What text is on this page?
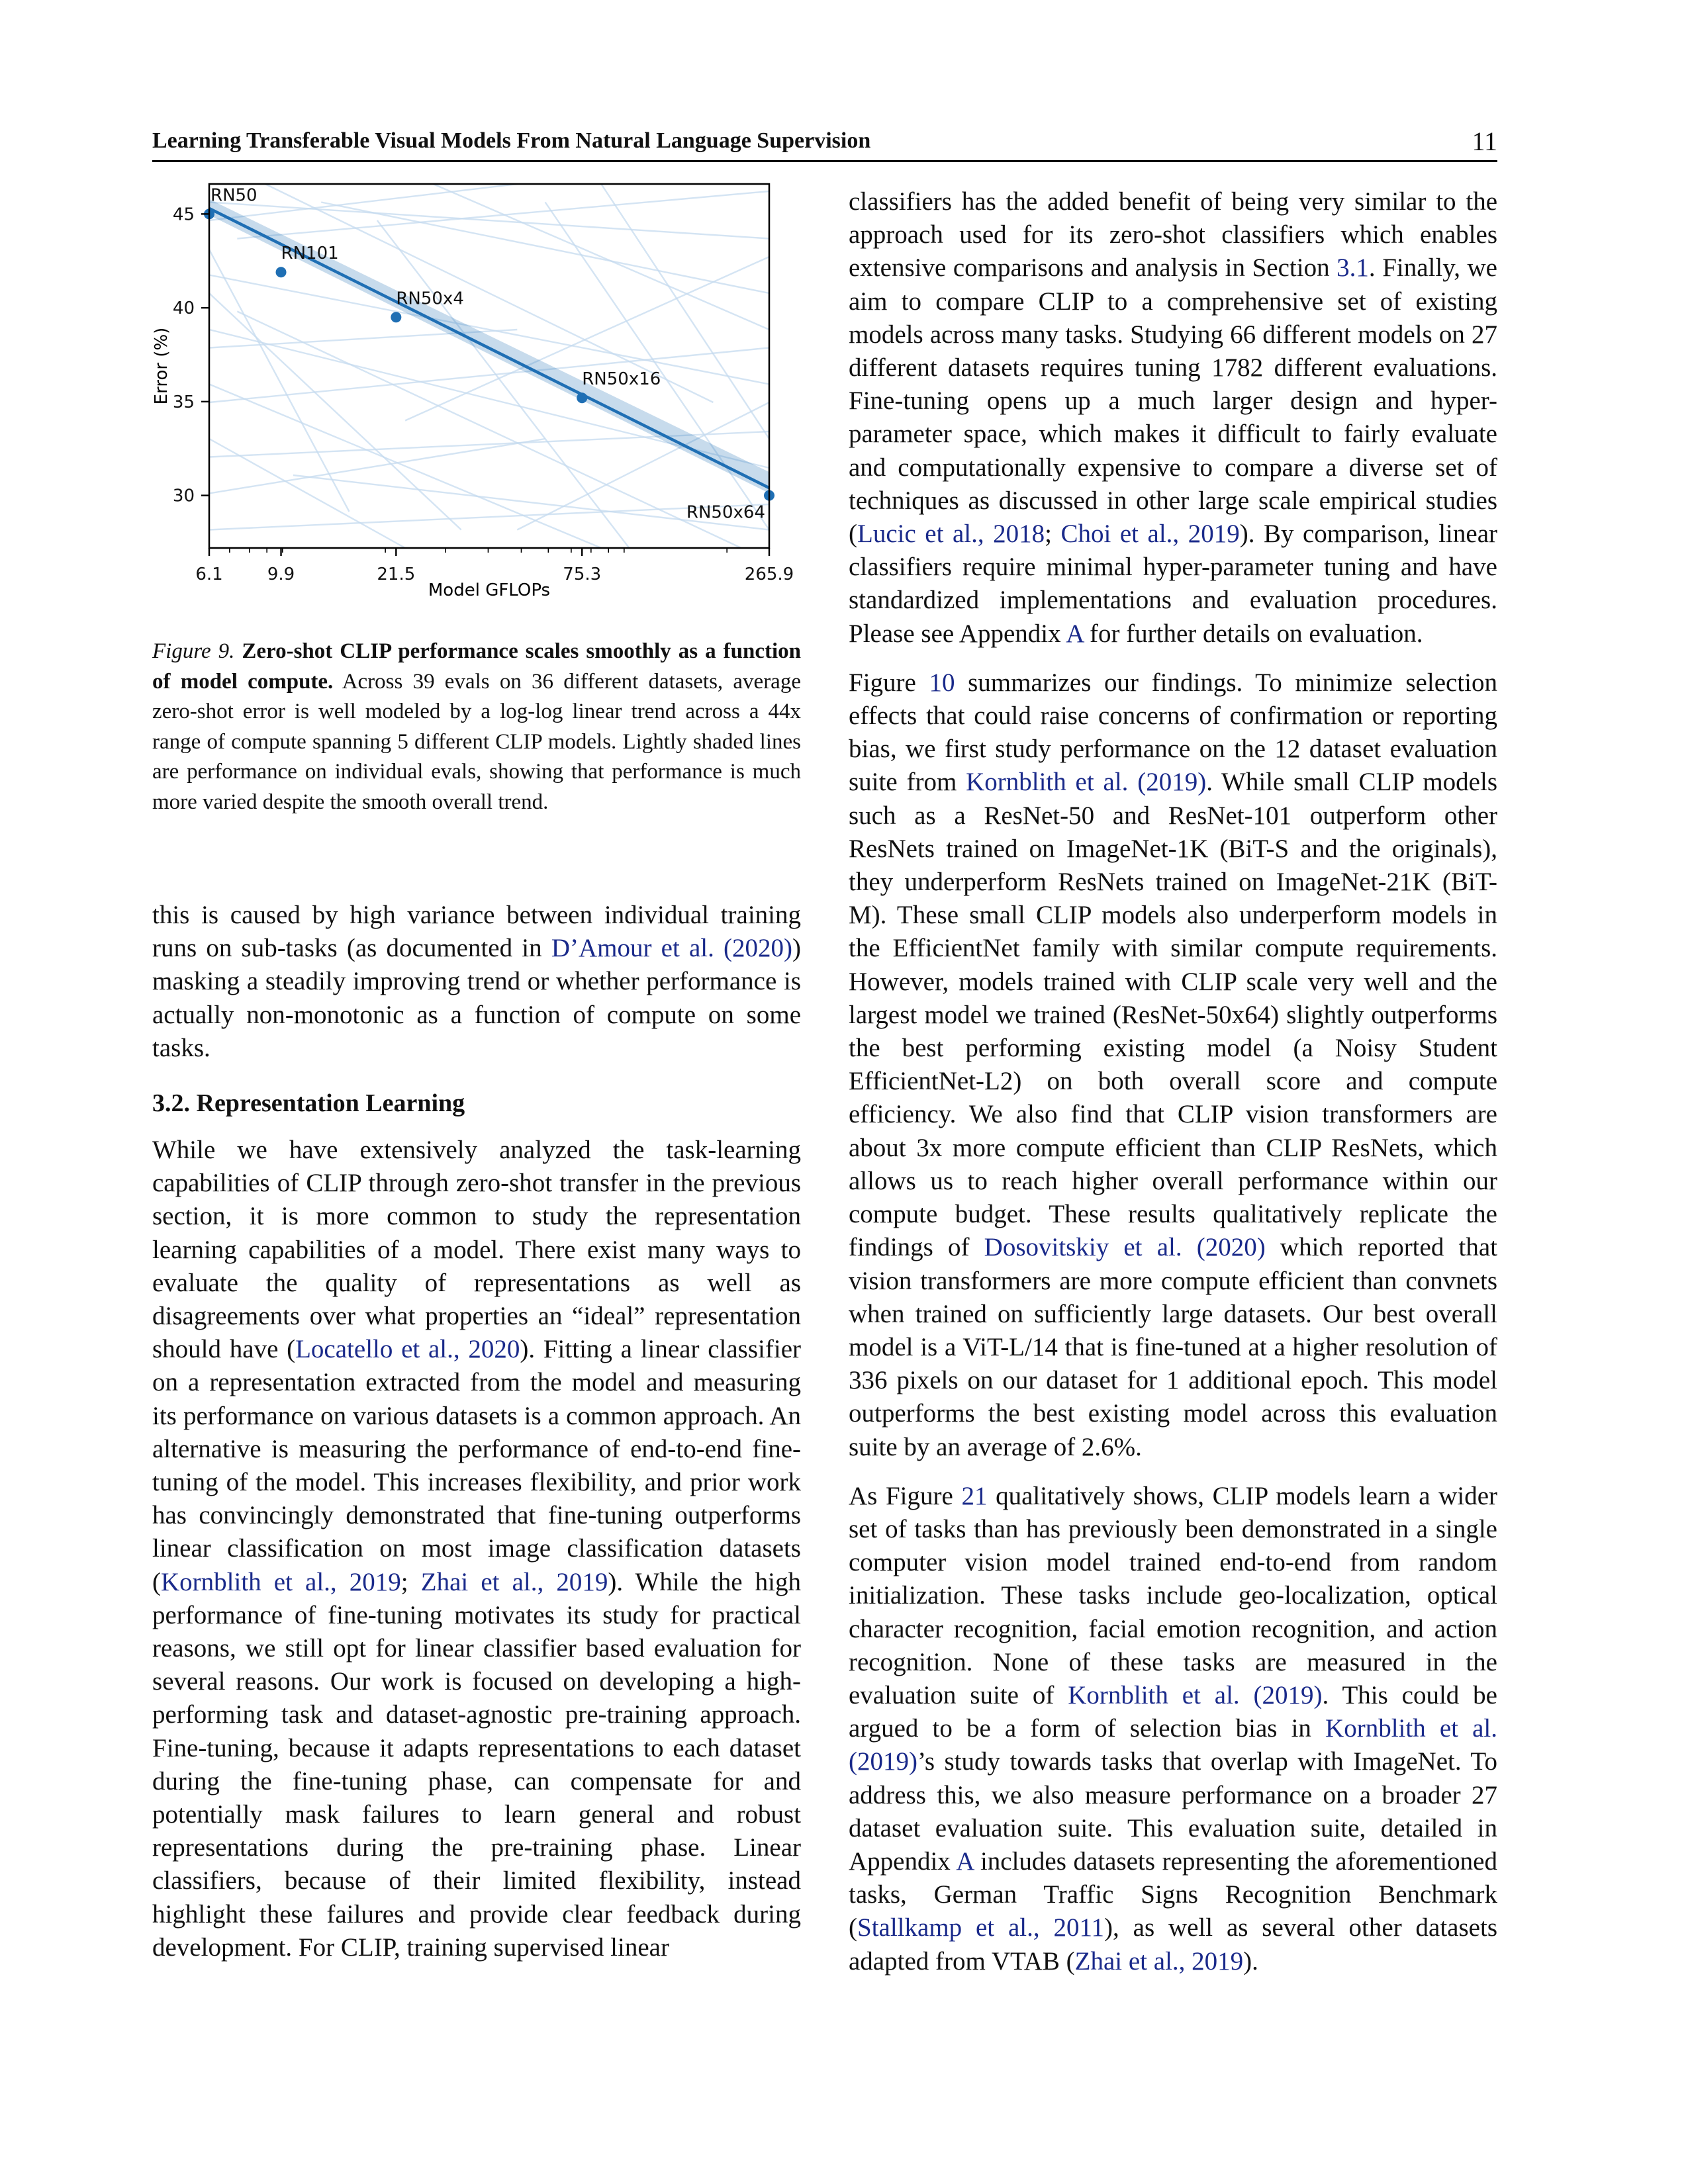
Learning Transferable Visual Models From Natural Language Supervision	11
RN50
RN101
RN50x4
RN50x16
RN50x64
6.1	9.9	21.5	75.3	265.9
30
35
40
45
Model GFLOPs
Error (%)
Figure 9. Zero-shot CLIP performance scales smoothly as a function of model compute. Across 39 evals on 36 different datasets, average zero-shot error is well modeled by a log-log linear trend across a 44x range of compute spanning 5 different CLIP models. Lightly shaded lines are performance on individual evals, showing that performance is much more varied despite the smooth overall trend.

this is caused by high variance between individual training runs on sub-tasks (as documented in D’Amour et al. (2020)) masking a steadily improving trend or whether performance is actually non-monotonic as a function of compute on some tasks.

3.2. Representation Learning

While we have extensively analyzed the task-learning capabilities of CLIP through zero-shot transfer in the previous section, it is more common to study the representation learning capabilities of a model. There exist many ways to evaluate the quality of representations as well as disagreements over what properties an “ideal” representation should have (Locatello et al., 2020). Fitting a linear classifier on a representation extracted from the model and measuring its performance on various datasets is a common approach. An alternative is measuring the performance of end-to-end fine-tuning of the model. This increases flexibility, and prior work has convincingly demonstrated that fine-tuning outperforms linear classification on most image classification datasets (Kornblith et al., 2019; Zhai et al., 2019). While the high performance of fine-tuning motivates its study for practical reasons, we still opt for linear classifier based evaluation for several reasons. Our work is focused on developing a high-performing task and dataset-agnostic pre-training approach. Fine-tuning, because it adapts representations to each dataset during the fine-tuning phase, can compensate for and potentially mask failures to learn general and robust representations during the pre-training phase. Linear classifiers, because of their limited flexibility, instead highlight these failures and provide clear feedback during development. For CLIP, training supervised linear

classifiers has the added benefit of being very similar to the approach used for its zero-shot classifiers which enables extensive comparisons and analysis in Section 3.1. Finally, we aim to compare CLIP to a comprehensive set of existing models across many tasks. Studying 66 different models on 27 different datasets requires tuning 1782 different evaluations. Fine-tuning opens up a much larger design and hyper-parameter space, which makes it difficult to fairly evaluate and computationally expensive to compare a diverse set of techniques as discussed in other large scale empirical studies (Lucic et al., 2018; Choi et al., 2019). By comparison, linear classifiers require minimal hyper-parameter tuning and have standardized implementations and evaluation procedures. Please see Appendix A for further details on evaluation.

Figure 10 summarizes our findings. To minimize selection effects that could raise concerns of confirmation or reporting bias, we first study performance on the 12 dataset evaluation suite from Kornblith et al. (2019). While small CLIP models such as a ResNet-50 and ResNet-101 outperform other ResNets trained on ImageNet-1K (BiT-S and the originals), they underperform ResNets trained on ImageNet-21K (BiT-M). These small CLIP models also underperform models in the EfficientNet family with similar compute requirements. However, models trained with CLIP scale very well and the largest model we trained (ResNet-50x64) slightly outperforms the best performing existing model (a Noisy Student EfficientNet-L2) on both overall score and compute efficiency. We also find that CLIP vision transformers are about 3x more compute efficient than CLIP ResNets, which allows us to reach higher overall performance within our compute budget. These results qualitatively replicate the findings of Dosovitskiy et al. (2020) which reported that vision transformers are more compute efficient than convnets when trained on sufficiently large datasets. Our best overall model is a ViT-L/14 that is fine-tuned at a higher resolution of 336 pixels on our dataset for 1 additional epoch. This model outperforms the best existing model across this evaluation suite by an average of 2.6%.

As Figure 21 qualitatively shows, CLIP models learn a wider set of tasks than has previously been demonstrated in a single computer vision model trained end-to-end from random initialization. These tasks include geo-localization, optical character recognition, facial emotion recognition, and action recognition. None of these tasks are measured in the evaluation suite of Kornblith et al. (2019). This could be argued to be a form of selection bias in Kornblith et al. (2019)’s study towards tasks that overlap with ImageNet. To address this, we also measure performance on a broader 27 dataset evaluation suite. This evaluation suite, detailed in Appendix A includes datasets representing the aforementioned tasks, German Traffic Signs Recognition Benchmark (Stallkamp et al., 2011), as well as several other datasets adapted from VTAB (Zhai et al., 2019).
